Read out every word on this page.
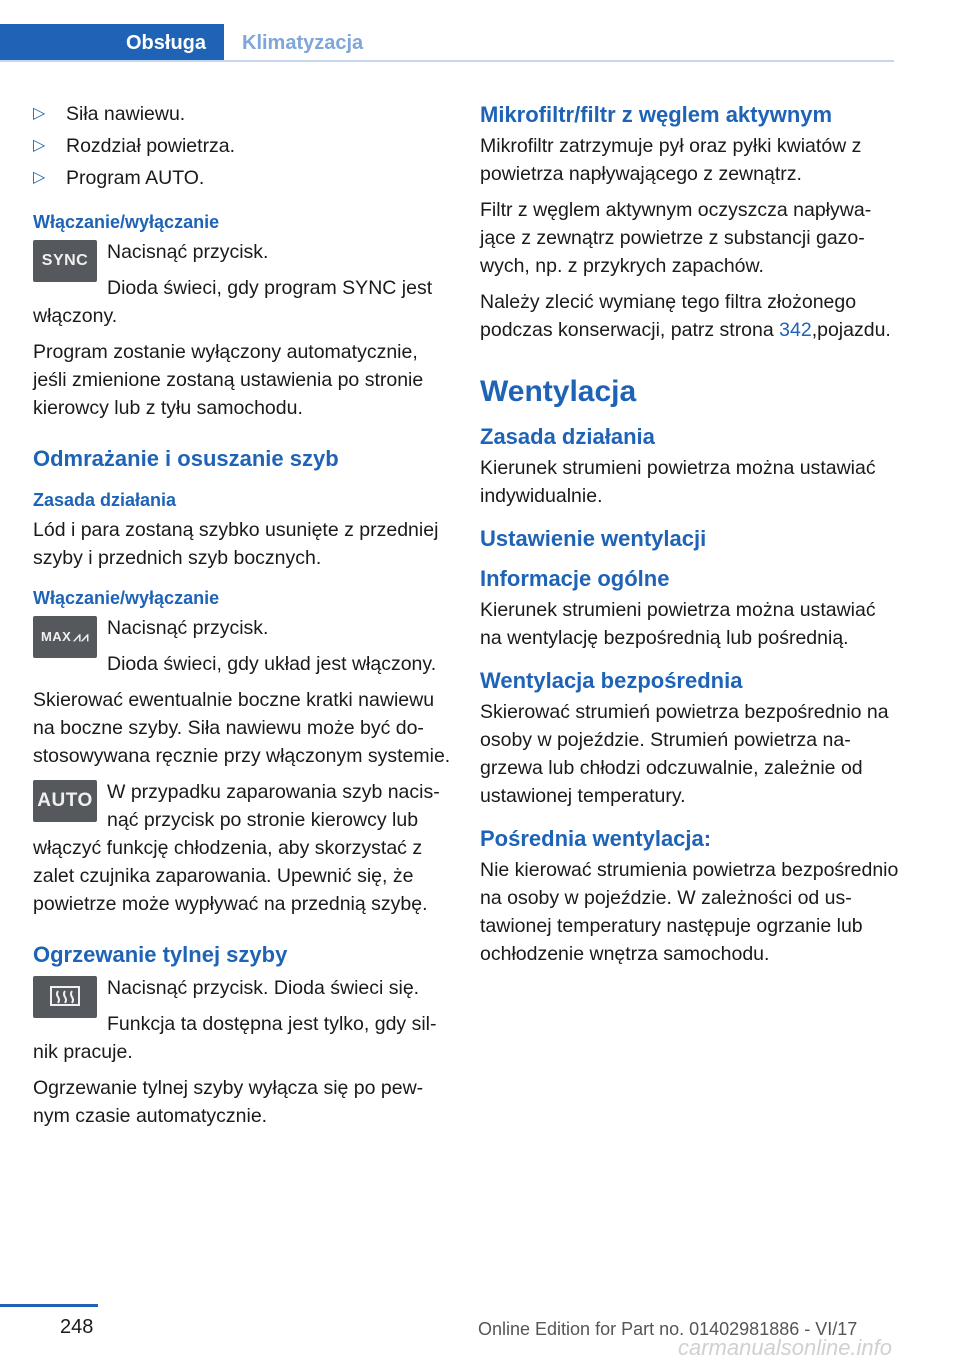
Obsługa	Klimatyzacja
▷ Siła nawiewu.
▷ Rozdział powietrza.
▷ Program AUTO.
Włączanie/wyłączanie
SYNC Nacisnąć przycisk.

Dioda świeci, gdy program SYNC jest włączony.

Program zostanie wyłączony automatycznie, jeśli zmienione zostaną ustawienia po stronie kierowcy lub z tyłu samochodu.

Odmrażanie i osuszanie szyb
Zasada działania

Lód i para zostaną szybko usunięte z przedniej szyby i przednich szyb bocznych.

Włączanie/wyłączanie
MAX ⩘⩘ Nacisnąć przycisk.

Dioda świeci, gdy układ jest włączony.

Skierować ewentualnie boczne kratki nawiewu na boczne szyby. Siła nawiewu może być dostosowywana ręcznie przy włączonym systemie.

AUTO W przypadku zaparowania szyb nacisnąć przycisk po stronie kierowcy lub włączyć funkcję chłodzenia, aby skorzystać z zalet czujnika zaparowania. Upewnić się, że powietrze może wypływać na przednią szybę.

Ogrzewanie tylnej szyby

Nacisnąć przycisk. Dioda świeci się.

Funkcja ta dostępna jest tylko, gdy silnik pracuje.

Ogrzewanie tylnej szyby wyłącza się po pewnym czasie automatycznie.

Mikrofiltr/filtr z węglem aktywnym

Mikrofiltr zatrzymuje pył oraz pyłki kwiatów z powietrza napływającego z zewnątrz.

Filtr z węglem aktywnym oczyszcza napływające z zewnątrz powietrze z substancji gazowych, np. z przykrych zapachów.

Należy zlecić wymianę tego filtra złożonego podczas konserwacji, patrz strona 342,pojazdu.

Wentylacja
Zasada działania

Kierunek strumieni powietrza można ustawiać indywidualnie.

Ustawienie wentylacji
Informacje ogólne

Kierunek strumieni powietrza można ustawiać na wentylację bezpośrednią lub pośrednią.

Wentylacja bezpośrednia

Skierować strumień powietrza bezpośrednio na osoby w pojeździe. Strumień powietrza nagrzewa lub chłodzi odczuwalnie, zależnie od ustawionej temperatury.

Pośrednia wentylacja:

Nie kierować strumienia powietrza bezpośrednio na osoby w pojeździe. W zależności od ustawionej temperatury następuje ogrzanie lub ochłodzenie wnętrza samochodu.

248	Online Edition for Part no. 01402981886 - VI/17
carmanualsonline.info
